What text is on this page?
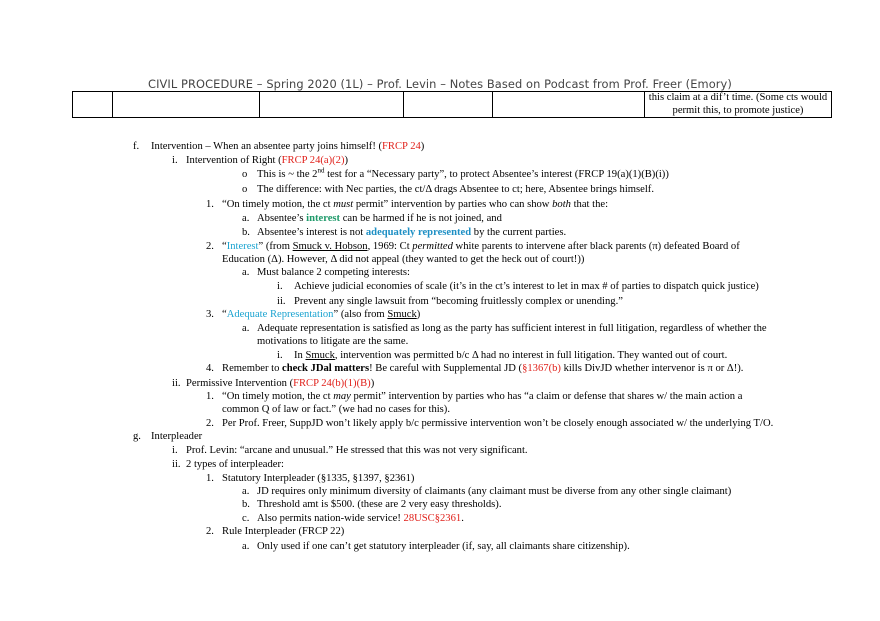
CIVIL PROCEDURE – Spring 2020 (1L) – Prof. Levin – Notes Based on Podcast from Prof. Freer (Emory)
					this claim at a dif’t time. (Some cts would permit this, to promote justice)
f. Intervention – When an absentee party joins himself! (FRCP 24)
i. Intervention of Right (FRCP 24(a)(2))
o This is ~ the 2nd test for a “Necessary party”, to protect Absentee’s interest (FRCP 19(a)(1)(B)(i))
o The difference: with Nec parties, the ct/Δ drags Absentee to ct; here, Absentee brings himself.
1. “On timely motion, the ct must permit” intervention by parties who can show both that the:
a. Absentee’s interest can be harmed if he is not joined, and
b. Absentee’s interest is not adequately represented by the current parties.
2. “Interest” (from Smuck v. Hobson, 1969: Ct permitted white parents to intervene after black parents (π) defeated Board of
Education (Δ). However, Δ did not appeal (they wanted to get the heck out of court!))
a. Must balance 2 competing interests:
i. Achieve judicial economies of scale (it’s in the ct’s interest to let in max # of parties to dispatch quick justice)
ii. Prevent any single lawsuit from “becoming fruitlessly complex or unending.”
3. “Adequate Representation” (also from Smuck)
a. Adequate representation is satisfied as long as the party has sufficient interest in full litigation, regardless of whether the
motivations to litigate are the same.
i. In Smuck, intervention was permitted b/c Δ had no interest in full litigation. They wanted out of court.
4. Remember to check JDal matters! Be careful with Supplemental JD (§1367(b) kills DivJD whether intervenor is π or Δ!).
ii. Permissive Intervention (FRCP 24(b)(1)(B))
1. “On timely motion, the ct may permit” intervention by parties who has “a claim or defense that shares w/ the main action a
common Q of law or fact.” (we had no cases for this).
2. Per Prof. Freer, SuppJD won’t likely apply b/c permissive intervention won’t be closely enough associated w/ the underlying T/O.
g. Interpleader
i. Prof. Levin: “arcane and unusual.” He stressed that this was not very significant.
ii. 2 types of interpleader:
1. Statutory Interpleader (§1335, §1397, §2361)
a. JD requires only minimum diversity of claimants (any claimant must be diverse from any other single claimant)
b. Threshold amt is $500. (these are 2 very easy thresholds).
c. Also permits nation-wide service! 28USC§2361.
2. Rule Interpleader (FRCP 22)
a. Only used if one can’t get statutory interpleader (if, say, all claimants share citizenship).
